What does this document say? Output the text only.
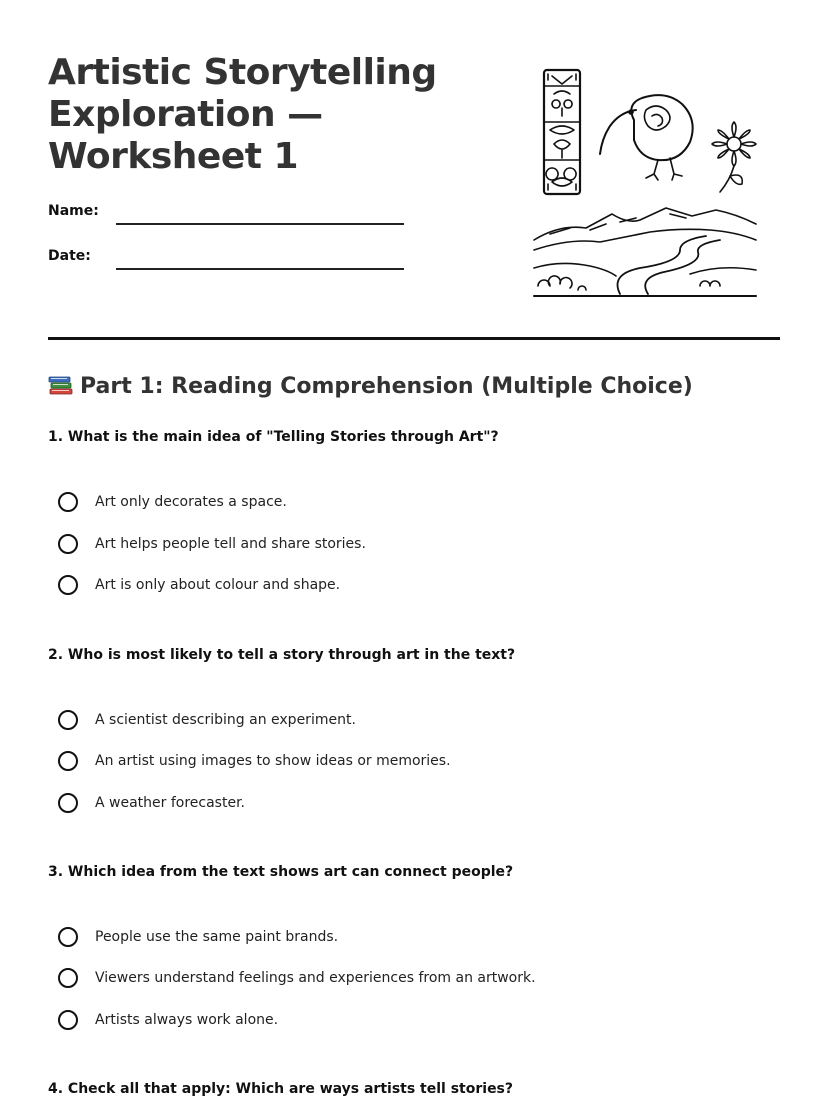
Artistic Storytelling
Exploration —
Worksheet 1
Name:
Date:
Part 1: Reading Comprehension (Multiple Choice)

1. What is the main idea of "Telling Stories through Art"?

Art only decorates a space.
Art helps people tell and share stories.
Art is only about colour and shape.

2. Who is most likely to tell a story through art in the text?

A scientist describing an experiment.
An artist using images to show ideas or memories.
A weather forecaster.

3. Which idea from the text shows art can connect people?

People use the same paint brands.
Viewers understand feelings and experiences from an artwork.
Artists always work alone.

4. Check all that apply: Which are ways artists tell stories?
